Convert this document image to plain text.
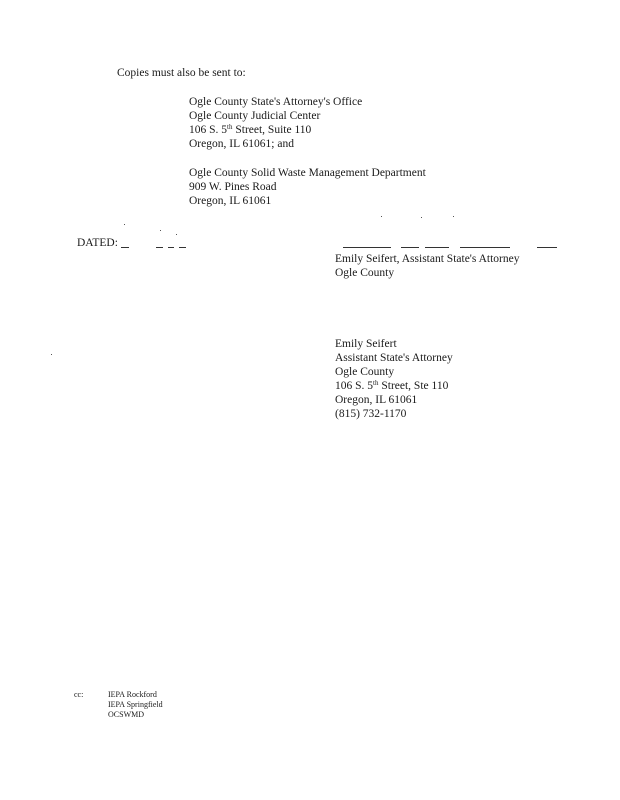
Copies must also be sent to:
Ogle County State's Attorney's Office
Ogle County Judicial Center
106 S. 5th Street, Suite 110
Oregon, IL 61061; and
Ogle County Solid Waste Management Department
909 W. Pines Road
Oregon, IL 61061
DATED:
Emily Seifert, Assistant State's Attorney
Ogle County
Emily Seifert
Assistant State's Attorney
Ogle County
106 S. 5th Street, Ste 110
Oregon, IL 61061
(815) 732-1170
cc:	IEPA Rockford
IEPA Springfield
OCSWMD
